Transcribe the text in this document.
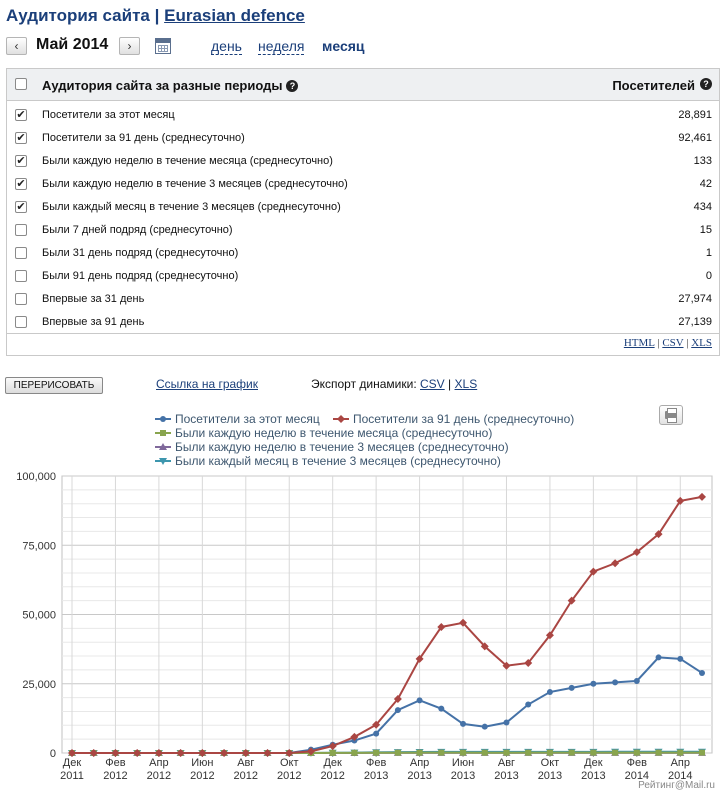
Аудитория сайта | Eurasian defence
‹	Май 2014	›	день неделя месяц
Аудитория сайта за разные периоды ?	Посетителей ?
✔ Посетители за этот месяц	28,891
✔ Посетители за 91 день (среднесуточно)	92,461
✔ Были каждую неделю в течение месяца (среднесуточно)	133
✔ Были каждую неделю в течение 3 месяцев (среднесуточно)	42
✔ Были каждый месяц в течение 3 месяцев (среднесуточно)	434
Были 7 дней подряд (среднесуточно)	15
Были 31 день подряд (среднесуточно)	1
Были 91 день подряд (среднесуточно)	0
Впервые за 31 день	27,974
Впервые за 91 день	27,139
HTML | CSV | XLS
ПЕРЕРИСОВАТЬ	Ссылка на график	Экспорт динамики: CSV | XLS
0
25,000
50,000
75,000
100,000
Дек
2011
Фев
2012
Апр
2012
Июн
2012
Авг
2012
Окт
2012
Дек
2012
Фев
2013
Апр
2013
Июн
2013
Авг
2013
Окт
2013
Дек
2013
Фев
2014
Апр
2014
Посетители за этот месяц	Посетители за 91 день (среднесуточно)
Были каждую неделю в течение месяца (среднесуточно)
Были каждую неделю в течение 3 месяцев (среднесуточно)
Были каждый месяц в течение 3 месяцев (среднесуточно)
Рейтинг@Mail.ru
